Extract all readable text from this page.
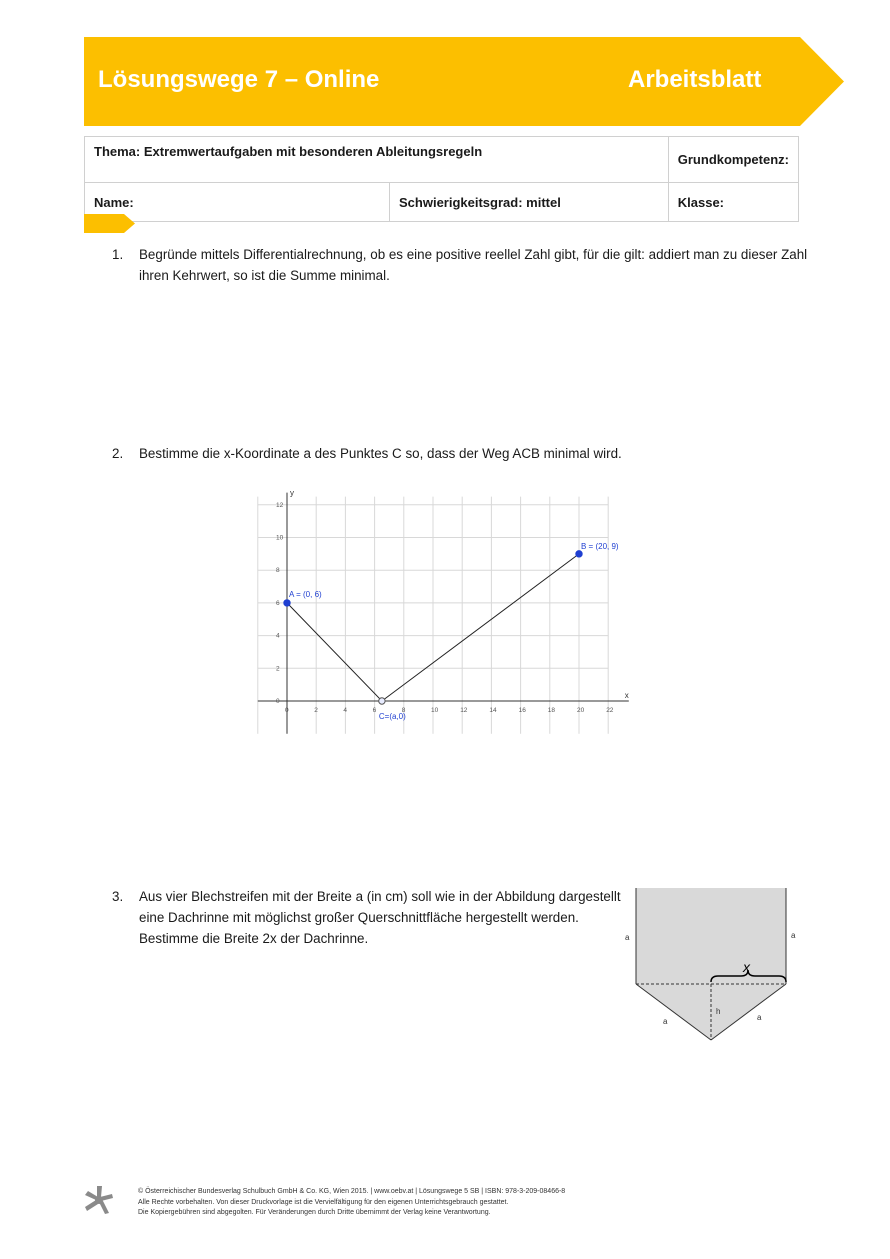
Lösungswege 7 – Online	Arbeitsblatt
Thema: Extremwertaufgaben mit besonderen Ableitungsregeln		Grundkompetenz:
Name:	Schwierigkeitsgrad: mittel	Klasse:
1. Begründe mittels Differentialrechnung, ob es eine positive reellel Zahl gibt, für die gilt: addiert man zu dieser Zahl
ihren Kehrwert, so ist die Summe minimal.
2. Bestimme die x-Koordinate a des Punktes C so, dass der Weg ACB minimal wird.
x
y
0	2	4	6	8	10	12	14	16	18	20	22
0
2
4
6
8
10
12
A = (0, 6)
B = (20, 9)
C=(a,0)
3. Aus vier Blechstreifen mit der Breite a (in cm) soll wie in der Abbildung dargestellt
eine Dachrinne mit möglichst großer Querschnittfläche hergestellt werden.
Bestimme die Breite 2x der Dachrinne.	a	a
x
h
a	a
© Österreichischer Bundesverlag Schulbuch GmbH & Co. KG, Wien 2015. | www.oebv.at | Lösungswege 5 SB | ISBN: 978-3-209-08466-8
Alle Rechte vorbehalten. Von dieser Druckvorlage ist die Vervielfältigung für den eigenen Unterrichtsgebrauch gestattet.
Die Kopiergebühren sind abgegolten. Für Veränderungen durch Dritte übernimmt der Verlag keine Verantwortung.
